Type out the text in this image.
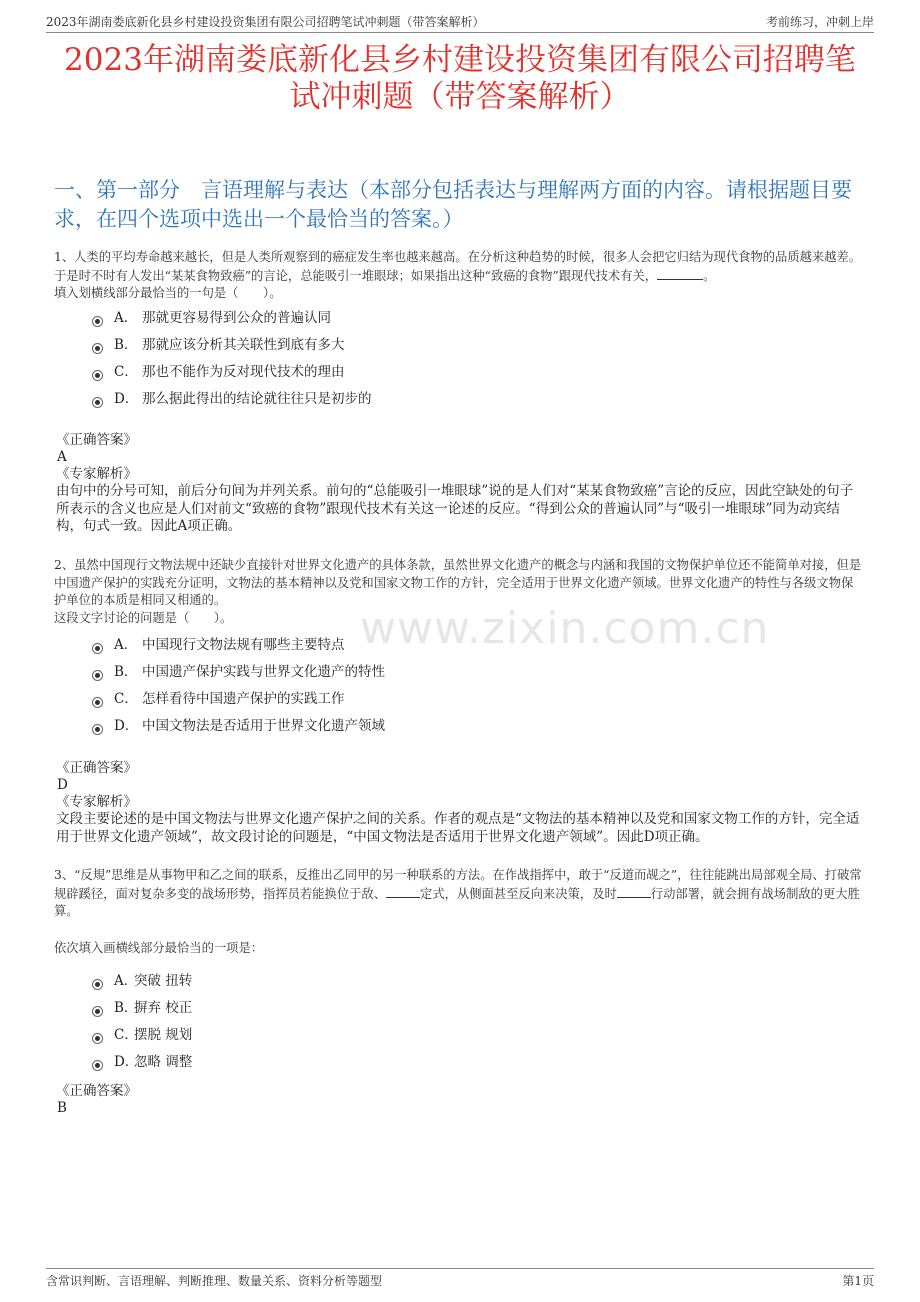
2023年湖南娄底新化县乡村建设投资集团有限公司招聘笔试冲刺题（带答案解析）	考前练习，冲刺上岸
2023年湖南娄底新化县乡村建设投资集团有限公司招聘笔试冲刺题（带答案解析）
一、第一部分　言语理解与表达（本部分包括表达与理解两方面的内容。请根据题目要求，在四个选项中选出一个最恰当的答案。）
1、人类的平均寿命越来越长，但是人类所观察到的癌症发生率也越来越高。在分析这种趋势的时候，很多人会把它归结为现代食物的品质越来越差。于是时不时有人发出“某某食物致癌”的言论，总能吸引一堆眼球；如果指出这种“致癌的食物”跟现代技术有关，	。
填入划横线部分最恰当的一句是（　　）。
A． 那就更容易得到公众的普遍认同
B． 那就应该分析其关联性到底有多大
C． 那也不能作为反对现代技术的理由
D． 那么据此得出的结论就往往只是初步的
《正确答案》
A
《专家解析》
由句中的分号可知，前后分句间为并列关系。前句的“总能吸引一堆眼球”说的是人们对“某某食物致癌”言论的反应，因此空缺处的句子所表示的含义也应是人们对前文“致癌的食物”跟现代技术有关这一论述的反应。“得到公众的普遍认同”与“吸引一堆眼球”同为动宾结构，句式一致。因此A项正确。
2、虽然中国现行文物法规中还缺少直接针对世界文化遗产的具体条款，虽然世界文化遗产的概念与内涵和我国的文物保护单位还不能简单对接，但是中国遗产保护的实践充分证明，文物法的基本精神以及党和国家文物工作的方针，完全适用于世界文化遗产领域。世界文化遗产的特性与各级文物保护单位的本质是相同又相通的。
这段文字讨论的问题是（　　）。
A． 中国现行文物法规有哪些主要特点
B． 中国遗产保护实践与世界文化遗产的特性
C． 怎样看待中国遗产保护的实践工作
D． 中国文物法是否适用于世界文化遗产领域
《正确答案》
D
《专家解析》
文段主要论述的是中国文物法与世界文化遗产保护之间的关系。作者的观点是“文物法的基本精神以及党和国家文物工作的方针，完全适用于世界文化遗产领域”，故文段讨论的问题是，“中国文物法是否适用于世界文化遗产领域”。因此D项正确。
3、“反規”思维是从事物甲和乙之间的联系，反推出乙同甲的另一种联系的方法。在作战指挥中，敢于“反道而觇之”，往往能跳出局部观全局、打破常规辟蹊径，面对复杂多变的战场形势，指挥员若能换位于敌、	定式，从侧面甚至反向来决策，及时	行动部署，就会拥有战场制敌的更大胜算。
依次填入画横线部分最恰当的一项是：
A．突破 扭转
B．摒弃 校正
C．摆脱 规划
D．忽略 调整
《正确答案》
B
www.zixin.com.cn
含常识判断、言语理解、判断推理、数量关系、资料分析等题型	第1页
